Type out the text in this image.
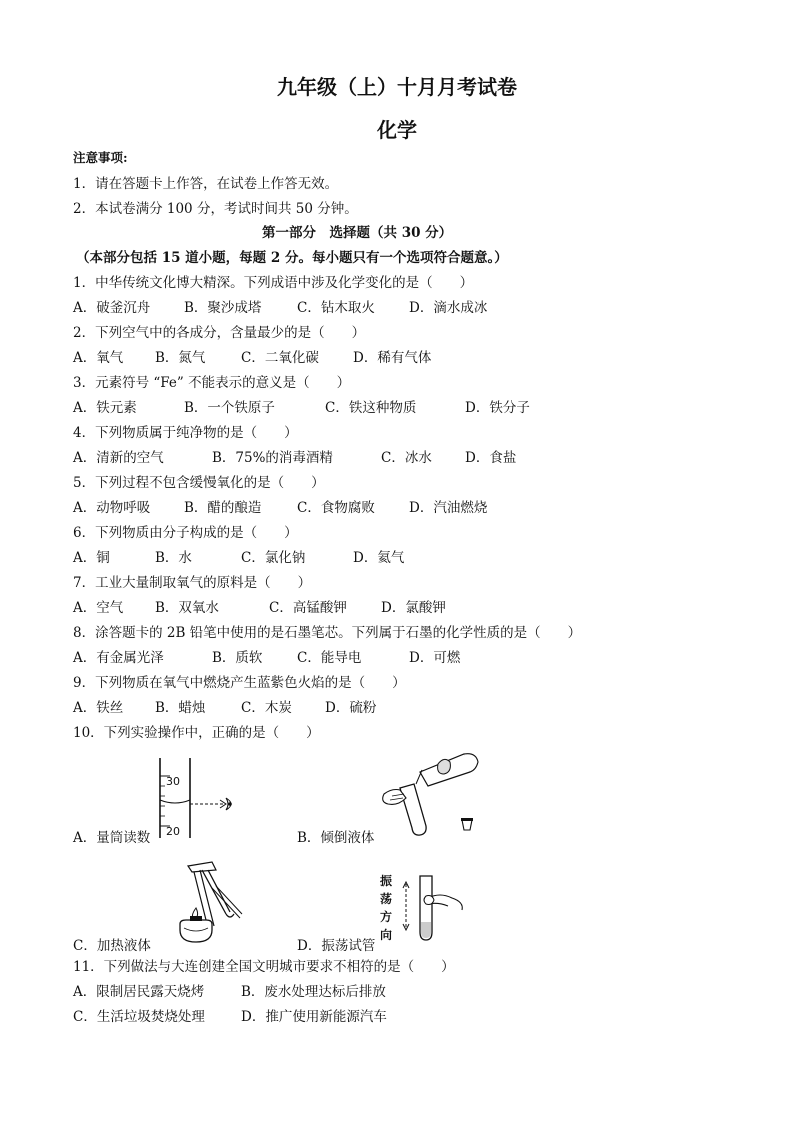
九年级（上）十月月考试卷
化学
注意事项:
1．请在答题卡上作答，在试卷上作答无效。
2．本试卷满分 100 分，考试时间共 50 分钟。
第一部分　选择题（共 30 分）
（本部分包括 15 道小题，每题 2 分。每小题只有一个选项符合题意。）
1．中华传统文化博大精深。下列成语中涉及化学变化的是（　　）
A．破釜沉舟	B．聚沙成塔	C．钻木取火	D．滴水成冰
2．下列空气中的各成分，含量最少的是（　　）
A．氧气 B．氮气	C．二氧化碳	D．稀有气体
3．元素符号 “Fe” 不能表示的意义是（　　）
A．铁元素	B．一个铁原子	C．铁这种物质	D．铁分子
4．下列物质属于纯净物的是（　　）
A．清新的空气	B．75%的消毒酒精	C．冰水 D．食盐
5．下列过程不包含缓慢氧化的是（　　）
A．动物呼吸	B．醋的酿造	C．食物腐败	D．汽油燃烧
6．下列物质由分子构成的是（　　）
A．铜	B．水	C．氯化钠	D．氦气
7．工业大量制取氧气的原料是（　　）
A．空气 B．双氧水	C．高锰酸钾	D．氯酸钾
8．涂答题卡的 2B 铅笔中使用的是石墨笔芯。下列属于石墨的化学性质的是（　　）
A．有金属光泽	B．质软	C．能导电	D．可燃
9．下列物质在氧气中燃烧产生蓝紫色火焰的是（　　）
A．铁丝 B．蜡烛	C．木炭 D．硫粉
10．下列实验操作中，正确的是（　　）
30
20
A．量筒读数	B．倾倒液体
C．加热液体
振
荡
方
向
D．振荡试管
11．下列做法与大连创建全国文明城市要求不相符的是（　　）
A．限制居民露天烧烤	B．废水处理达标后排放
C．生活垃圾焚烧处理	D．推广使用新能源汽车
